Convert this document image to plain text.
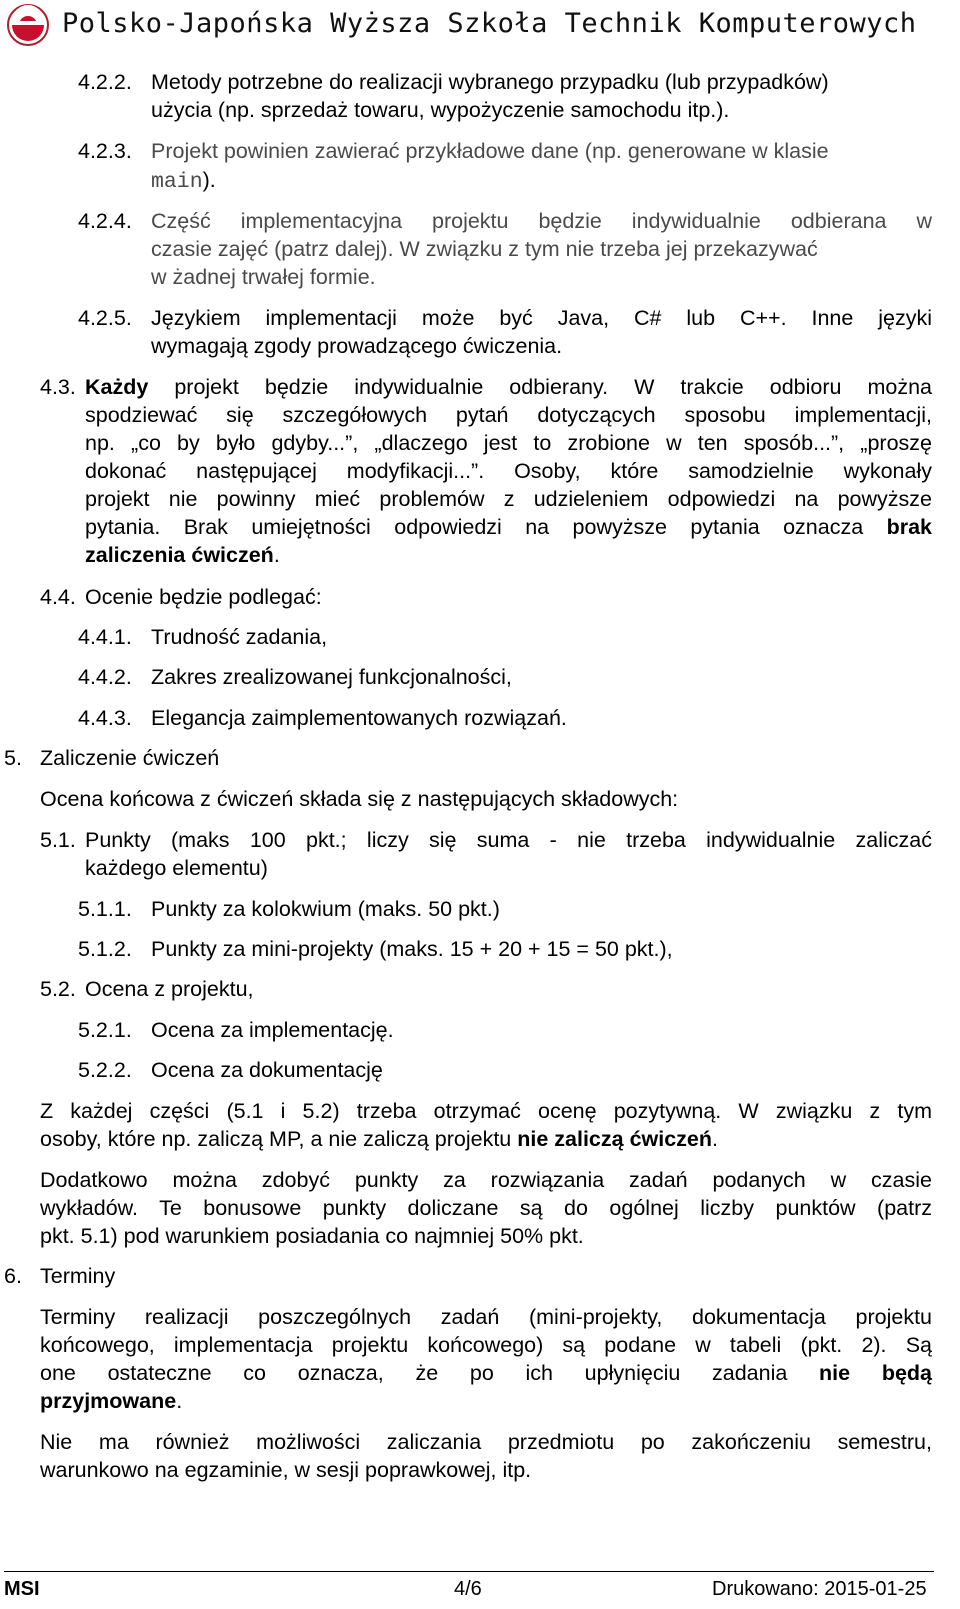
Polsko-Japońska Wyższa Szkoła Technik Komputerowych
4.2.2. Metody potrzebne do realizacji wybranego przypadku (lub przypadków)
użycia (np. sprzedaż towaru, wypożyczenie samochodu itp.).
4.2.3. Projekt powinien zawierać przykładowe dane (np. generowane w klasie
main).
4.2.4. Część implementacyjna projektu będzie indywidualnie odbierana w
czasie zajęć (patrz dalej). W związku z tym nie trzeba jej przekazywać
w żadnej trwałej formie.
4.2.5. Językiem implementacji może być Java, C# lub C++. Inne języki
wymagają zgody prowadzącego ćwiczenia.
4.3. Każdy projekt będzie indywidualnie odbierany. W trakcie odbioru można
spodziewać się szczegółowych pytań dotyczących sposobu implementacji,
np. „co by było gdyby...”, „dlaczego jest to zrobione w ten sposób...”, „proszę
dokonać następującej modyfikacji...”. Osoby, które samodzielnie wykonały
projekt nie powinny mieć problemów z udzieleniem odpowiedzi na powyższe
pytania. Brak umiejętności odpowiedzi na powyższe pytania oznacza brak
zaliczenia ćwiczeń.
4.4. Ocenie będzie podlegać:
4.4.1. Trudność zadania,
4.4.2. Zakres zrealizowanej funkcjonalności,
4.4.3. Elegancja zaimplementowanych rozwiązań.
5. Zaliczenie ćwiczeń
Ocena końcowa z ćwiczeń składa się z następujących składowych:
5.1. Punkty (maks 100 pkt.; liczy się suma - nie trzeba indywidualnie zaliczać
każdego elementu)
5.1.1. Punkty za kolokwium (maks. 50 pkt.)
5.1.2. Punkty za mini-projekty (maks. 15 + 20 + 15 = 50 pkt.),
5.2. Ocena z projektu,
5.2.1. Ocena za implementację.
5.2.2. Ocena za dokumentację
Z każdej części (5.1 i 5.2) trzeba otrzymać ocenę pozytywną. W związku z tym
osoby, które np. zaliczą MP, a nie zaliczą projektu nie zaliczą ćwiczeń.
Dodatkowo można zdobyć punkty za rozwiązania zadań podanych w czasie
wykładów. Te bonusowe punkty doliczane są do ogólnej liczby punktów (patrz
pkt. 5.1) pod warunkiem posiadania co najmniej 50% pkt.
6. Terminy
Terminy realizacji poszczególnych zadań (mini-projekty, dokumentacja projektu
końcowego, implementacja projektu końcowego) są podane w tabeli (pkt. 2). Są
one ostateczne co oznacza, że po ich upłynięciu zadania nie będą
przyjmowane.
Nie ma również możliwości zaliczania przedmiotu po zakończeniu semestru,
warunkowo na egzaminie, w sesji poprawkowej, itp.
MSI	4/6	Drukowano: 2015-01-25
